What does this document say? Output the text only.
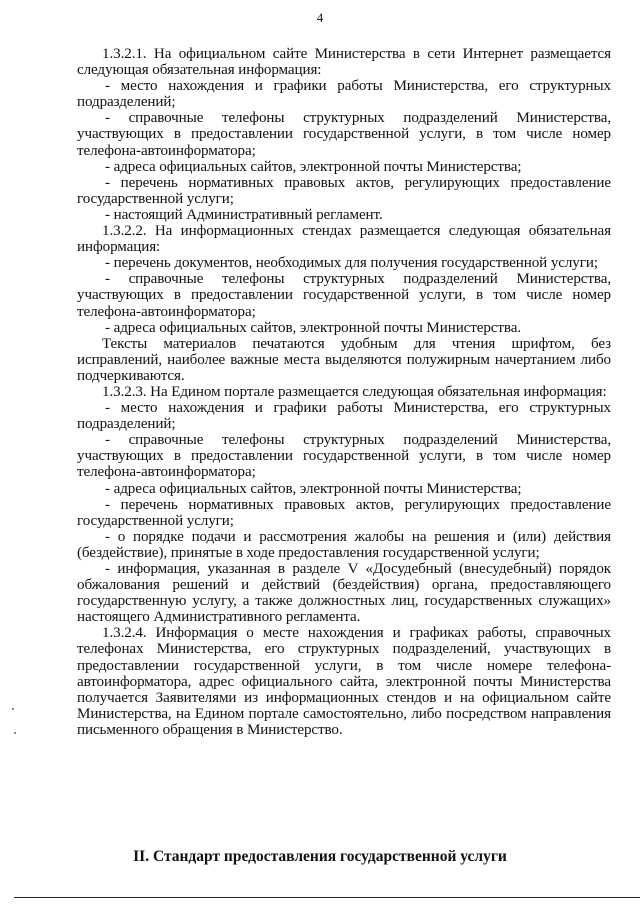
4

1.3.2.1. На официальном сайте Министерства в сети Интернет размещается следующая обязательная информация:

- место нахождения и графики работы Министерства, его структурных подразделений;

- справочные телефоны структурных подразделений Министерства, участвующих в предоставлении государственной услуги, в том числе номер телефона-автоинформатора;

- адреса официальных сайтов, электронной почты Министерства;

- перечень нормативных правовых актов, регулирующих предоставление государственной услуги;

- настоящий Административный регламент.

1.3.2.2. На информационных стендах размещается следующая обязательная информация:

- перечень документов, необходимых для получения государственной услуги;

- справочные телефоны структурных подразделений Министерства, участвующих в предоставлении государственной услуги, в том числе номер телефона-автоинформатора;

- адреса официальных сайтов, электронной почты Министерства.

Тексты материалов печатаются удобным для чтения шрифтом, без исправлений, наиболее важные места выделяются полужирным начертанием либо подчеркиваются.

1.3.2.3. На Едином портале размещается следующая обязательная информация:

- место нахождения и графики работы Министерства, его структурных подразделений;

- справочные телефоны структурных подразделений Министерства, участвующих в предоставлении государственной услуги, в том числе номер телефона-автоинформатора;

- адреса официальных сайтов, электронной почты Министерства;

- перечень нормативных правовых актов, регулирующих предоставление государственной услуги;

- о порядке подачи и рассмотрения жалобы на решения и (или) действия (бездействие), принятые в ходе предоставления государственной услуги;

- информация, указанная в разделе V «Досудебный (внесудебный) порядок обжалования решений и действий (бездействия) органа, предоставляющего государственную услугу, а также должностных лиц, государственных служащих» настоящего Административного регламента.

1.3.2.4. Информация о месте нахождения и графиках работы, справочных телефонах Министерства, его структурных подразделений, участвующих в предоставлении государственной услуги, в том числе номере телефона-автоинформатора, адрес официального сайта, электронной почты Министерства получается Заявителями из информационных стендов и на официальном сайте Министерства, на Едином портале самостоятельно, либо посредством направления письменного обращения в Министерство.

II. Стандарт предоставления государственной услуги
